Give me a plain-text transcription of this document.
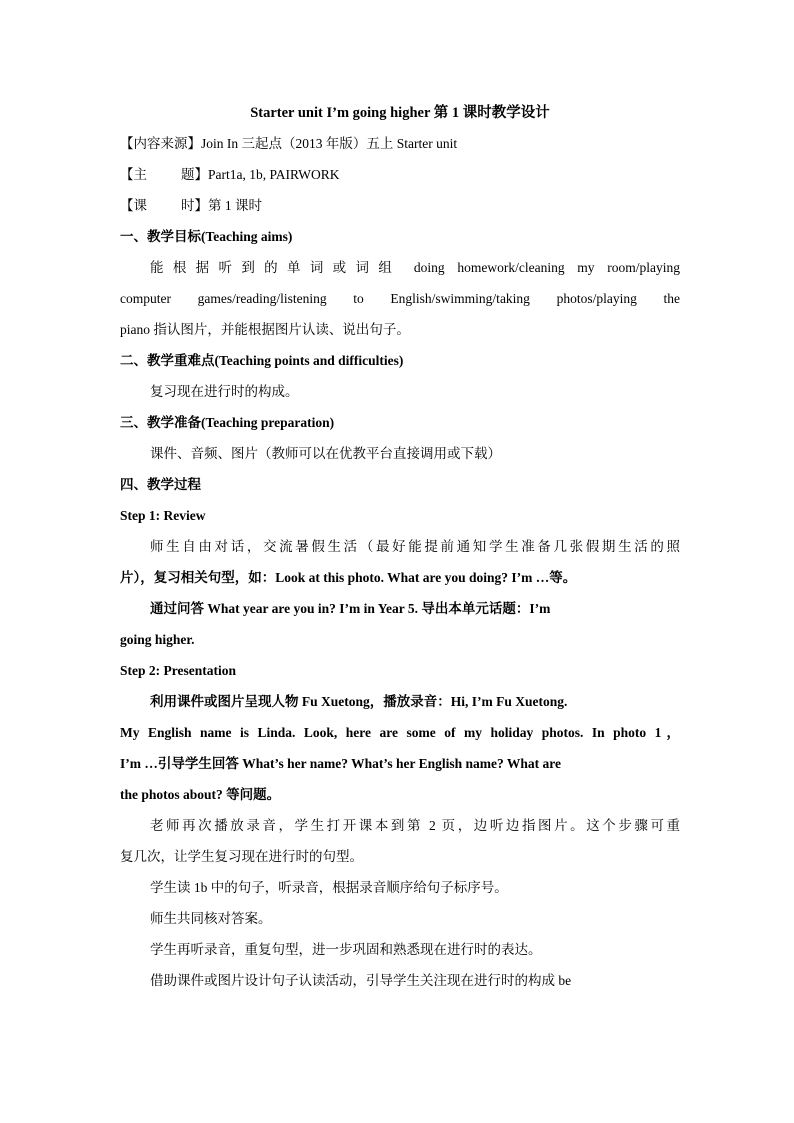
Starter unit I’m going higher 第 1 课时教学设计
【内容来源】Join In 三起点（2013 年版）五上 Starter unit
【主	题】Part1a, 1b, PAIRWORK
【课	时】第 1 课时
一、教学目标(Teaching aims)
能根据听到的单词或词组 doing homework/cleaning my room/playing
computer games/reading/listening to English/swimming/taking photos/playing the
piano 指认图片，并能根据图片认读、说出句子。
二、教学重难点(Teaching points and difficulties)
复习现在进行时的构成。
三、教学准备(Teaching preparation)
课件、音频、图片（教师可以在优教平台直接调用或下载）
四、教学过程
Step 1: Review
师生自由对话，交流暑假生活（最好能提前通知学生准备几张假期生活的照
片），复习相关句型，如：Look at this photo. What are you doing? I’m …等。
通过问答 What year are you in? I’m in Year 5. 导出本单元话题：I’m
going higher.
Step 2: Presentation
利用课件或图片呈现人物 Fu Xuetong，播放录音：Hi, I’m Fu Xuetong.
My English name is Linda. Look, here are some of my holiday photos. In photo 1，
I’m …引导学生回答 What’s her name? What’s her English name? What are
the photos about? 等问题。
老师再次播放录音，学生打开课本到第 2 页，边听边指图片。这个步骤可重
复几次，让学生复习现在进行时的句型。
学生读 1b 中的句子，听录音，根据录音顺序给句子标序号。
师生共同核对答案。
学生再听录音，重复句型，进一步巩固和熟悉现在进行时的表达。
借助课件或图片设计句子认读活动，引导学生关注现在进行时的构成 be
